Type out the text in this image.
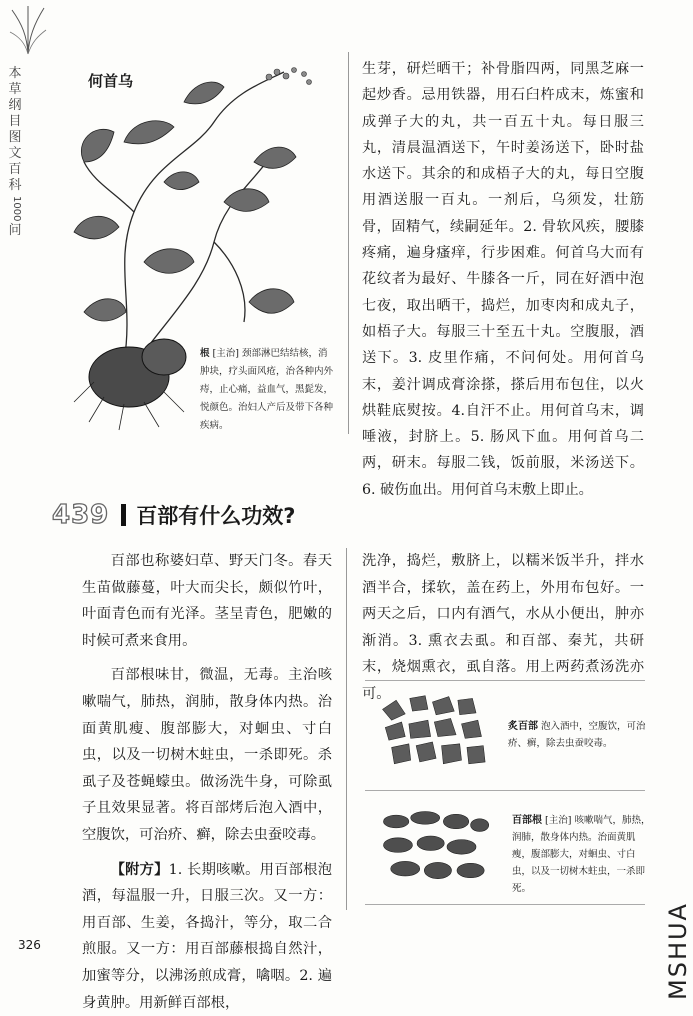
本
草
纲
目
图
文
百
科
1000
问
何首乌
根 [主治] 颈部淋巴结结核，消肿块，疗头面风疮，治各种内外痔，止心痛，益血气，黑髭发，悦颜色。治妇人产后及带下各种疾病。

生芽，研烂晒干；补骨脂四两，同黑芝麻一起炒香。忌用铁器，用石臼杵成末，炼蜜和成弹子大的丸，共一百五十丸。每日服三丸，清晨温酒送下，午时姜汤送下，卧时盐水送下。其余的和成梧子大的丸，每日空腹用酒送服一百丸。一剂后，乌须发，壮筋骨，固精气，续嗣延年。2. 骨软风疾，腰膝疼痛，遍身瘙痒，行步困难。何首乌大而有花纹者为最好、牛膝各一斤，同在好酒中泡七夜，取出晒干，捣烂，加枣肉和成丸子，如梧子大。每服三十至五十丸。空腹服，酒送下。3. 皮里作痛，不问何处。用何首乌末，姜汁调成膏涂搽，搽后用布包住，以火烘鞋底熨按。4.自汗不止。用何首乌末，调唾液，封脐上。5. 肠风下血。用何首乌二两，研末。每服二钱，饭前服，米汤送下。6. 破伤血出。用何首乌末敷上即止。

439 百部有什么功效?

百部也称婆妇草、野天门冬。春天生苗做藤蔓，叶大而尖长，颇似竹叶，叶面青色而有光泽。茎呈青色，肥嫩的时候可煮来食用。

百部根味甘，微温，无毒。主治咳嗽喘气，肺热，润肺，散身体内热。治面黄肌瘦、腹部膨大，对蛔虫、寸白虫，以及一切树木蛀虫，一杀即死。杀虱子及苍蝇蠓虫。做汤洗牛身，可除虱子且效果显著。将百部烤后泡入酒中，空腹饮，可治疥、癣，除去虫蚕咬毒。

【附方】1. 长期咳嗽。用百部根泡酒，每温服一升，日服三次。又一方：用百部、生姜，各捣汁，等分，取二合煎服。又一方：用百部藤根捣自然汁，加蜜等分，以沸汤煎成膏，噙咽。2. 遍身黄肿。用新鲜百部根，

洗净，捣烂，敷脐上，以糯米饭半升，拌水酒半合，揉软，盖在药上，外用布包好。一两天之后，口内有酒气，水从小便出，肿亦渐消。3. 熏衣去虱。和百部、秦艽，共研末，烧烟熏衣，虱自落。用上两药煮汤洗亦可。

炙百部 泡入酒中，空腹饮，可治疥、癣，除去虫蚕咬毒。
百部根 [主治] 咳嗽喘气，肺热，润肺，散身体内热。治面黄肌瘦，腹部膨大，对蛔虫、寸白虫，以及一切树木蛀虫，一杀即死。
326	MSHUA
